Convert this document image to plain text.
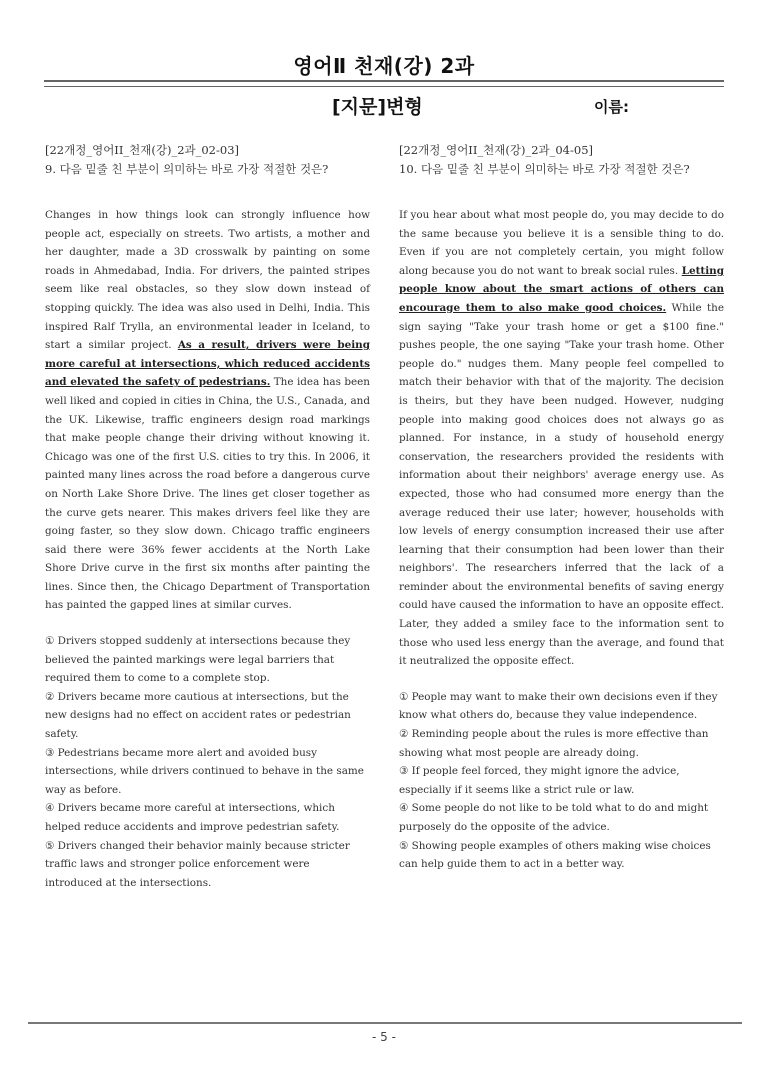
영어Ⅱ 천재(강) 2과
[지문]변형	이름:
[22개정_영어II_천재(강)_2과_02-03]
9. 다음 밑줄 친 부분이 의미하는 바로 가장 적절한 것은?
Changes in how things look can strongly influence how people act, especially on streets. Two artists, a mother and her daughter, made a 3D crosswalk by painting on some roads in Ahmedabad, India. For drivers, the painted stripes seem like real obstacles, so they slow down instead of stopping quickly. The idea was also used in Delhi, India. This inspired Ralf Trylla, an environmental leader in Iceland, to start a similar project. As a result, drivers were being more careful at intersections, which reduced accidents and elevated the safety of pedestrians. The idea has been well liked and copied in cities in China, the U.S., Canada, and the UK. Likewise, traffic engineers design road markings that make people change their driving without knowing it. Chicago was one of the first U.S. cities to try this. In 2006, it painted many lines across the road before a dangerous curve on North Lake Shore Drive. The lines get closer together as the curve gets nearer. This makes drivers feel like they are going faster, so they slow down. Chicago traffic engineers said there were 36% fewer accidents at the North Lake Shore Drive curve in the first six months after painting the lines. Since then, the Chicago Department of Transportation has painted the gapped lines at similar curves.

① Drivers stopped suddenly at intersections because they believed the painted markings were legal barriers that required them to come to a complete stop.

② Drivers became more cautious at intersections, but the new designs had no effect on accident rates or pedestrian safety.

③ Pedestrians became more alert and avoided busy intersections, while drivers continued to behave in the same way as before.

④ Drivers became more careful at intersections, which helped reduce accidents and improve pedestrian safety.

⑤ Drivers changed their behavior mainly because stricter traffic laws and stronger police enforcement were introduced at the intersections.

[22개정_영어II_천재(강)_2과_04-05]
10. 다음 밑줄 친 부분이 의미하는 바로 가장 적절한 것은?
If you hear about what most people do, you may decide to do the same because you believe it is a sensible thing to do. Even if you are not completely certain, you might follow along because you do not want to break social rules. Letting people know about the smart actions of others can encourage them to also make good choices. While the sign saying "Take your trash home or get a $100 fine." pushes people, the one saying "Take your trash home. Other people do." nudges them. Many people feel compelled to match their behavior with that of the majority. The decision is theirs, but they have been nudged. However, nudging people into making good choices does not always go as planned. For instance, in a study of household energy conservation, the researchers provided the residents with information about their neighbors' average energy use. As expected, those who had consumed more energy than the average reduced their use later; however, households with low levels of energy consumption increased their use after learning that their consumption had been lower than their neighbors'. The researchers inferred that the lack of a reminder about the environmental benefits of saving energy could have caused the information to have an opposite effect. Later, they added a smiley face to the information sent to those who used less energy than the average, and found that it neutralized the opposite effect.

① People may want to make their own decisions even if they know what others do, because they value independence.

② Reminding people about the rules is more effective than showing what most people are already doing.

③ If people feel forced, they might ignore the advice, especially if it seems like a strict rule or law.

④ Some people do not like to be told what to do and might purposely do the opposite of the advice.

⑤ Showing people examples of others making wise choices can help guide them to act in a better way.

- 5 -
